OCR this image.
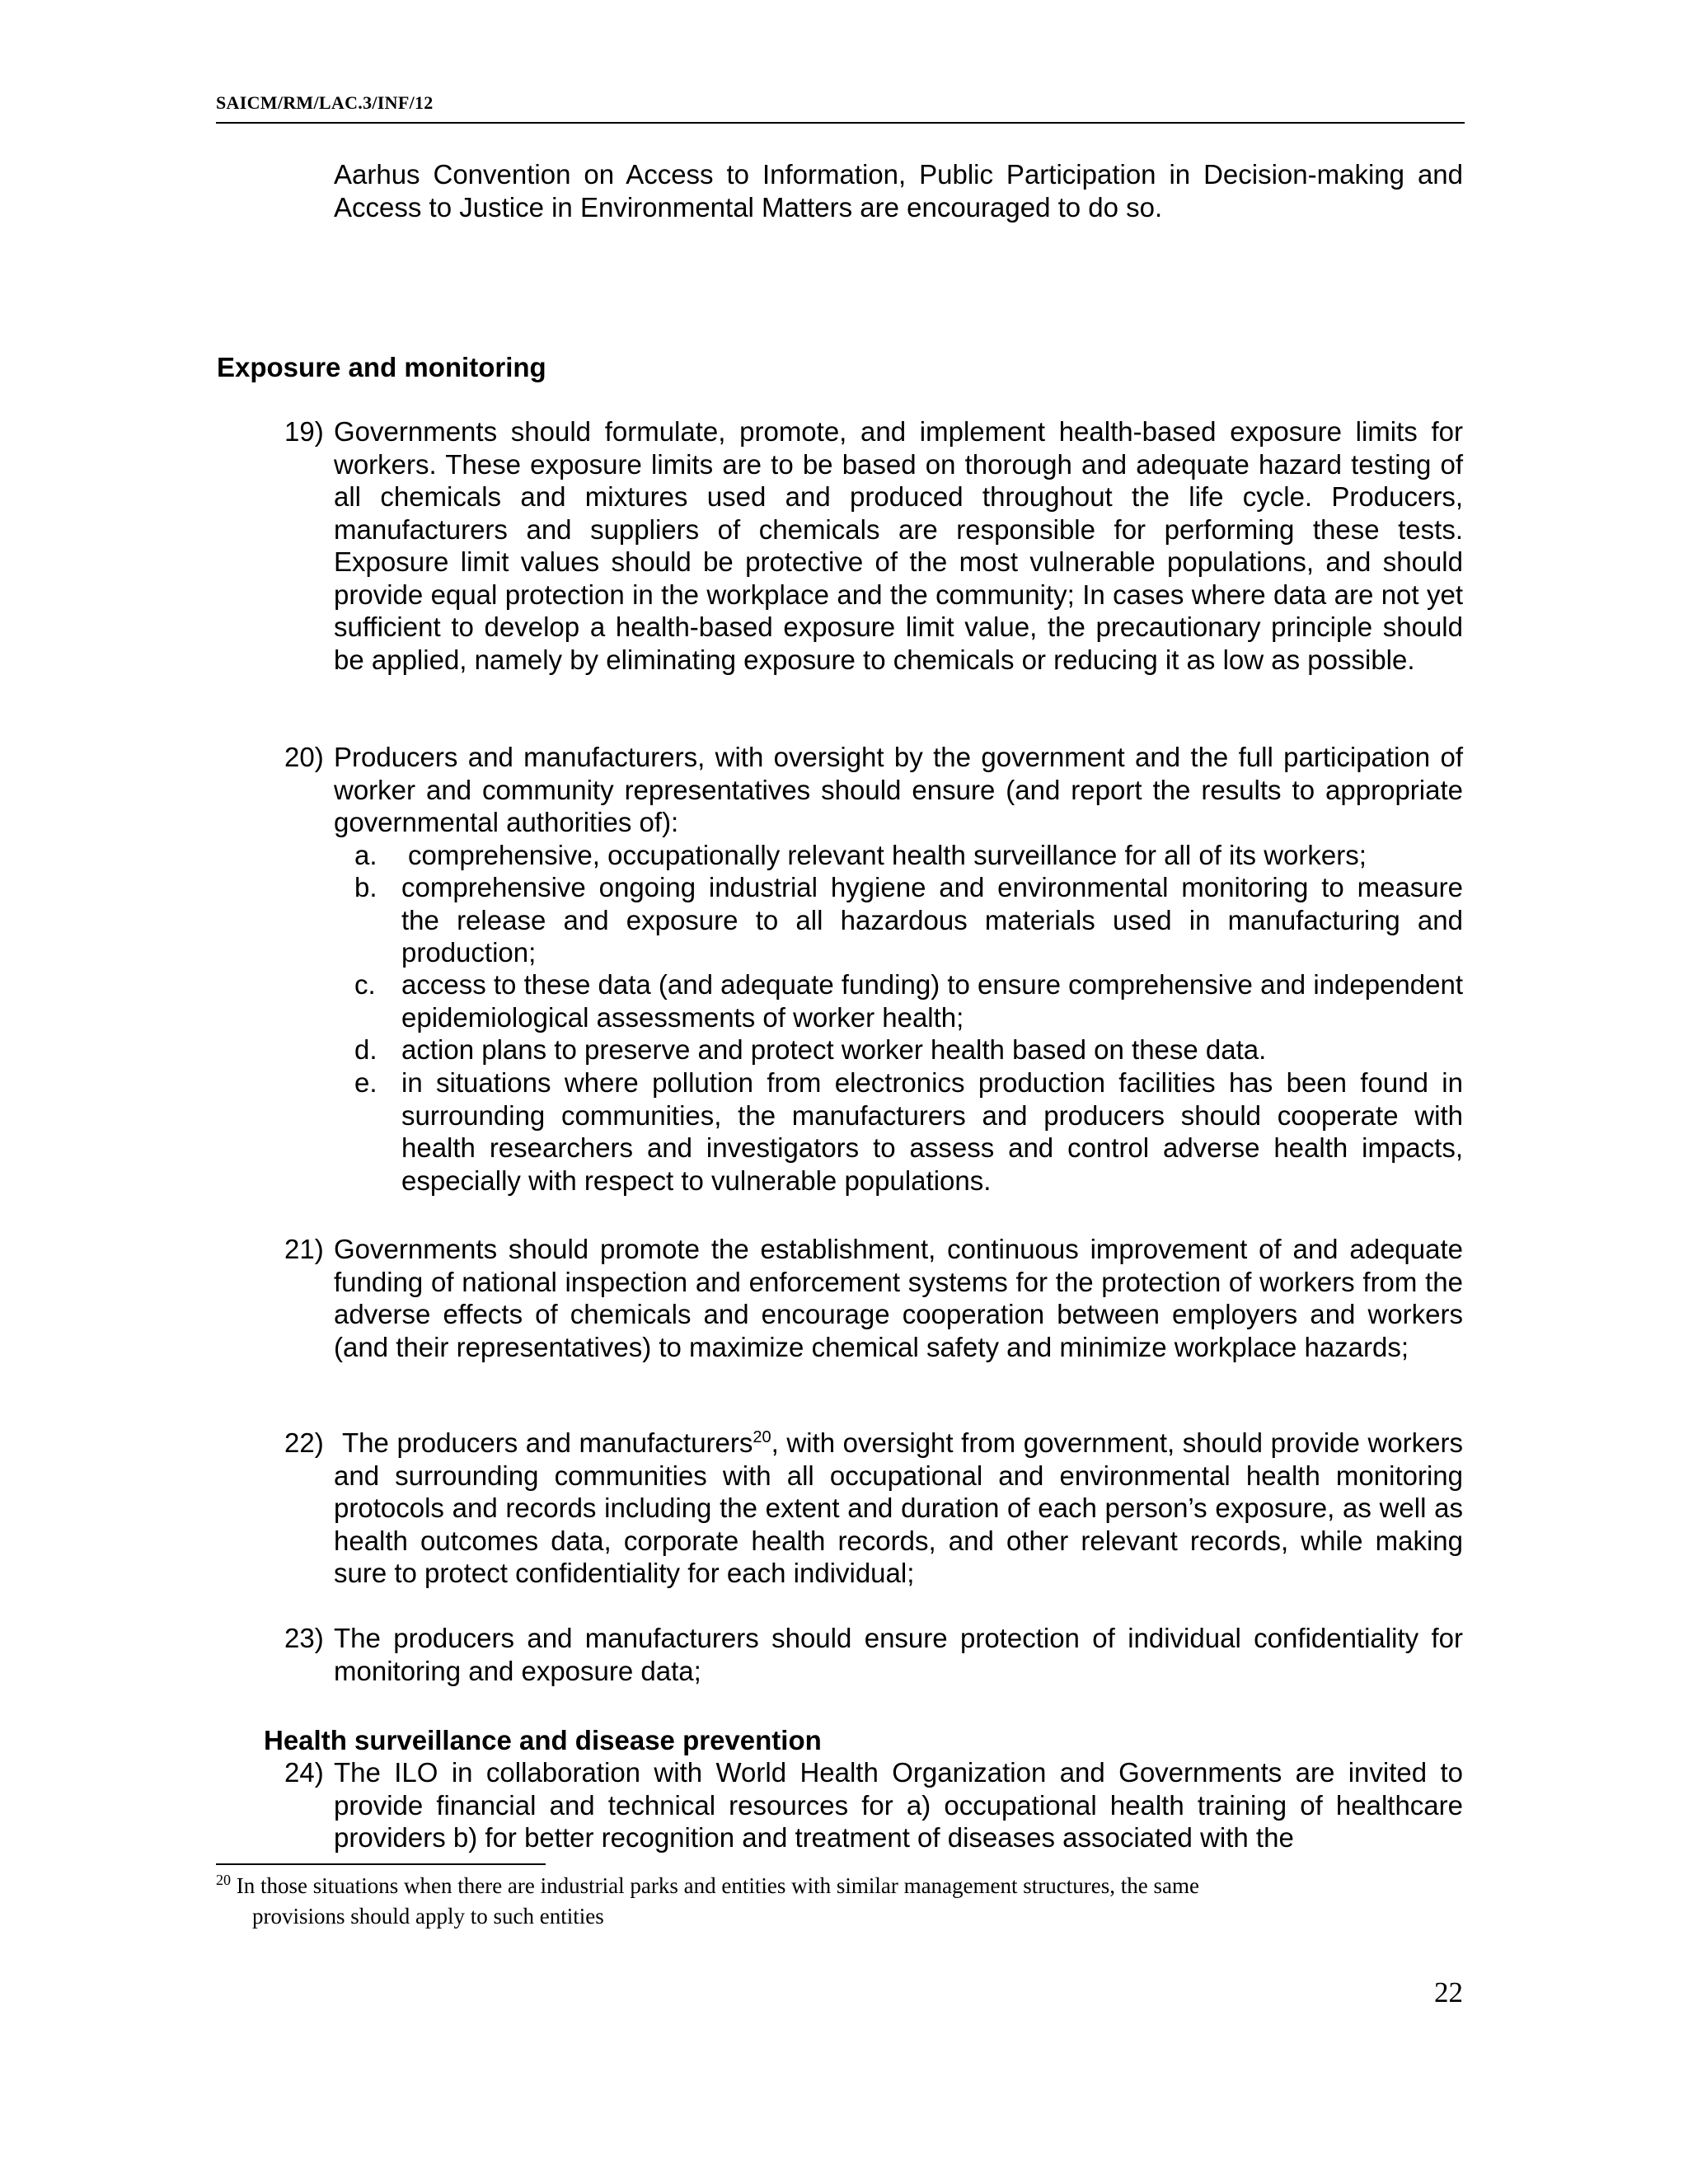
SAICM/RM/LAC.3/INF/12
Aarhus Convention on Access to Information, Public Participation in Decision-making and Access to Justice in Environmental Matters are encouraged to do so.
Exposure and monitoring
19) Governments should formulate, promote, and implement health-based exposure limits for workers. These exposure limits are to be based on thorough and adequate hazard testing of all chemicals and mixtures used and produced throughout the life cycle. Producers, manufacturers and suppliers of chemicals are responsible for performing these tests. Exposure limit values should be protective of the most vulnerable populations, and should provide equal protection in the workplace and the community; In cases where data are not yet sufficient to develop a health-based exposure limit value, the precautionary principle should be applied, namely by eliminating exposure to chemicals or reducing it as low as possible.
20) Producers and manufacturers, with oversight by the government and the full participation of worker and community representatives should ensure (and report the results to appropriate governmental authorities of):
a. comprehensive, occupationally relevant health surveillance for all of its workers;
b. comprehensive ongoing industrial hygiene and environmental monitoring to measure the release and exposure to all hazardous materials used in manufacturing and production;
c. access to these data (and adequate funding) to ensure comprehensive and independent epidemiological assessments of worker health;
d. action plans to preserve and protect worker health based on these data.
e. in situations where pollution from electronics production facilities has been found in surrounding communities, the manufacturers and producers should cooperate with health researchers and investigators to assess and control adverse health impacts, especially with respect to vulnerable populations.
21) Governments should promote the establishment, continuous improvement of and adequate funding of national inspection and enforcement systems for the protection of workers from the adverse effects of chemicals and encourage cooperation between employers and workers (and their representatives) to maximize chemical safety and minimize workplace hazards;
22) The producers and manufacturers$^{20}$, with oversight from government, should provide workers and surrounding communities with all occupational and environmental health monitoring protocols and records including the extent and duration of each person’s exposure, as well as health outcomes data, corporate health records, and other relevant records, while making sure to protect confidentiality for each individual;
23) The producers and manufacturers should ensure protection of individual confidentiality for monitoring and exposure data;
Health surveillance and disease prevention
24) The ILO in collaboration with World Health Organization and Governments are invited to provide financial and technical resources for a) occupational health training of healthcare providers b) for better recognition and treatment of diseases associated with the
$^{20}$ In those situations when there are industrial parks and entities with similar management structures, the same
provisions should apply to such entities
22
